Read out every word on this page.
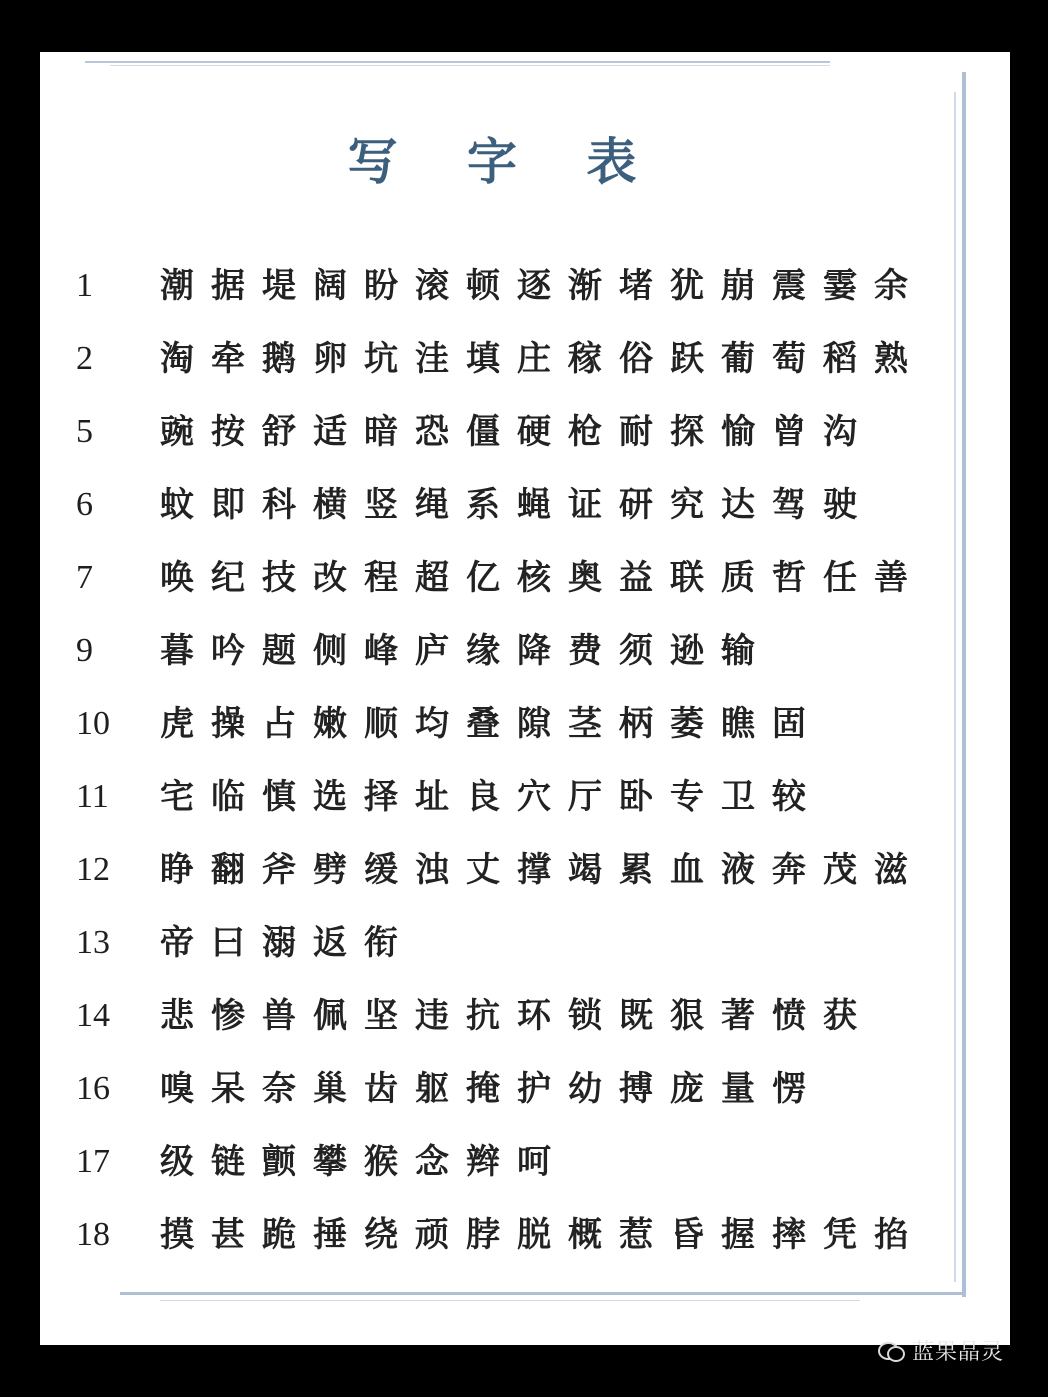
写 字 表
1	潮据堤阔盼滚顿逐渐堵犹崩震霎余
2	淘牵鹅卵坑洼填庄稼俗跃葡萄稻熟
5	豌按舒适暗恐僵硬枪耐探愉曾沟
6	蚊即科横竖绳系蝇证研究达驾驶
7	唤纪技改程超亿核奥益联质哲任善
9	暮吟题侧峰庐缘降费须逊输
10	虎操占嫩顺均叠隙茎柄萎瞧固
11	宅临慎选择址良穴厅卧专卫较
12	睁翻斧劈缓浊丈撑竭累血液奔茂滋
13	帝曰溺返衔
14	悲惨兽佩坚违抗环锁既狠著愤获
16	嗅呆奈巢齿躯掩护幼搏庞量愣
17	级链颤攀猴念辫呵
18	摸甚跪捶绕顽脖脱概惹昏握摔凭掐
蓝果晶灵
